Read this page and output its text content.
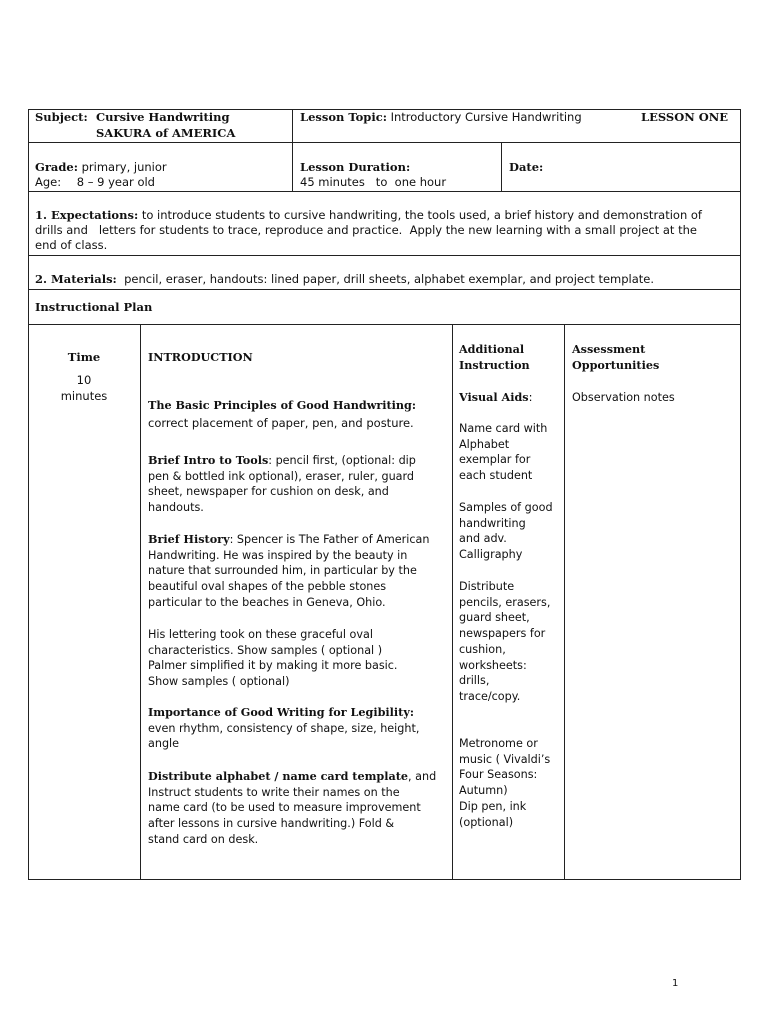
Subject: Cursive Handwriting
SAKURA of AMERICA
Lesson Topic: Introductory Cursive Handwriting	LESSON ONE
Grade: primary, junior
Age: 8 – 9 year old
Lesson Duration:
45 minutes   to  one hour
Date:
1. Expectations: to introduce students to cursive handwriting, the tools used, a brief history and demonstration of
drills and   letters for students to trace, reproduce and practice.  Apply the new learning with a small project at the
end of class.
2. Materials:  pencil, eraser, handouts: lined paper, drill sheets, alphabet exemplar, and project template.
Instructional Plan
Time
10
minutes
INTRODUCTION
The Basic Principles of Good Handwriting:
correct placement of paper, pen, and posture.
Brief Intro to Tools: pencil first, (optional: dip
pen & bottled ink optional), eraser, ruler, guard
sheet, newspaper for cushion on desk, and
handouts.
Brief History: Spencer is The Father of American
Handwriting. He was inspired by the beauty in
nature that surrounded him, in particular by the
beautiful oval shapes of the pebble stones
particular to the beaches in Geneva, Ohio.
His lettering took on these graceful oval
characteristics. Show samples ( optional )
Palmer simplified it by making it more basic.
Show samples ( optional)
Importance of Good Writing for Legibility:
even rhythm, consistency of shape, size, height,
angle
Distribute alphabet / name card template, and
Instruct students to write their names on the
name card (to be used to measure improvement
after lessons in cursive handwriting.) Fold &
stand card on desk.
Additional
Instruction
Visual Aids:
Name card with
Alphabet
exemplar for
each student
Samples of good
handwriting
and adv.
Calligraphy
Distribute
pencils, erasers,
guard sheet,
newspapers for
cushion,
worksheets:
drills,
trace/copy.
Metronome or
music ( Vivaldi’s
Four Seasons:
Autumn)
Dip pen, ink
(optional)
Assessment
Opportunities
Observation notes
1
